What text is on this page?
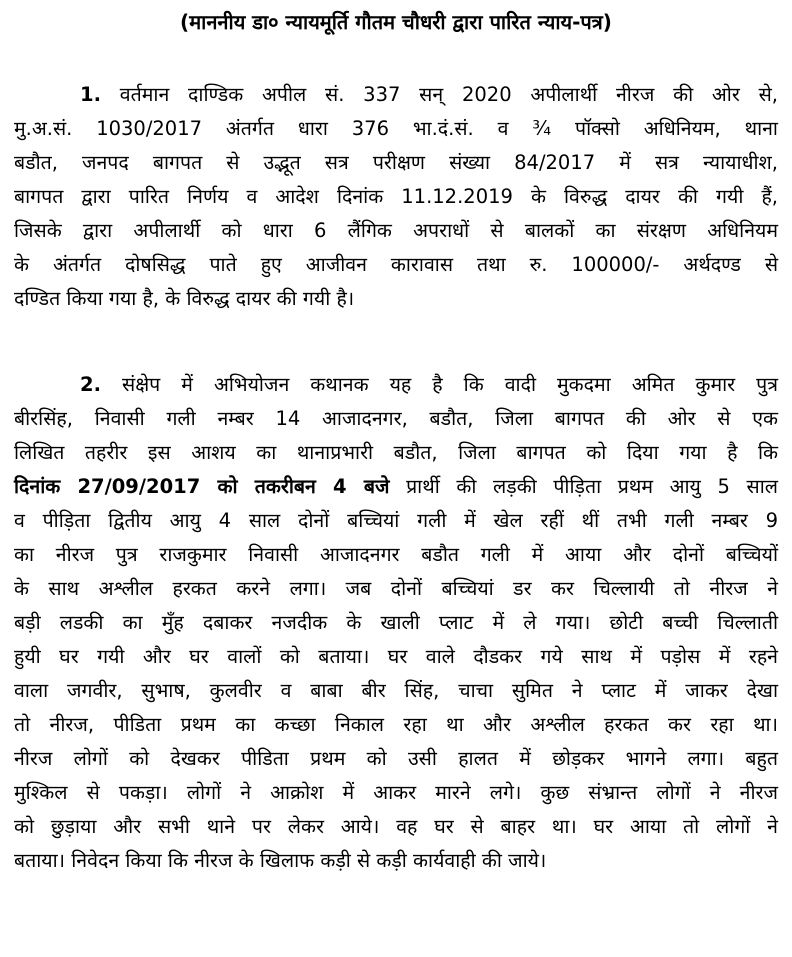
(माननीय डा० न्यायमूर्ति गौतम चौधरी द्वारा पारित न्याय-पत्र)
1. वर्तमान दाण्डिक अपील सं. 337 सन् 2020 अपीलार्थी नीरज की ओर से,
मु.अ.सं. 1030/2017 अंतर्गत धारा 376 भा.दं.सं. व ¾ पॉक्सो अधिनियम, थाना
बडौत, जनपद बागपत से उद्भूत सत्र परीक्षण संख्या 84/2017 में सत्र न्यायाधीश,
बागपत द्वारा पारित निर्णय व आदेश दिनांक 11.12.2019 के विरुद्ध दायर की गयी हैं,
जिसके द्वारा अपीलार्थी को धारा 6 लैंगिक अपराधों से बालकों का संरक्षण अधिनियम
के अंतर्गत दोषसिद्ध पाते हुए आजीवन कारावास तथा रु. 100000/- अर्थदण्ड से
दण्डित किया गया है, के विरुद्ध दायर की गयी है।
2. संक्षेप में अभियोजन कथानक यह है कि वादी मुकदमा अमित कुमार पुत्र
बीरसिंह, निवासी गली नम्बर 14 आजादनगर, बडौत, जिला बागपत की ओर से एक
लिखित तहरीर इस आशय का थानाप्रभारी बडौत, जिला बागपत को दिया गया है कि
दिनांक 27/09/2017 को तकरीबन 4 बजे प्रार्थी की लड़की पीड़िता प्रथम आयु 5 साल
व पीड़िता द्वितीय आयु 4 साल दोनों बच्चियां गली में खेल रहीं थीं तभी गली नम्बर 9
का नीरज पुत्र राजकुमार निवासी आजादनगर बडौत गली में आया और दोनों बच्चियों
के साथ अश्लील हरकत करने लगा। जब दोनों बच्चियां डर कर चिल्लायी तो नीरज ने
बड़ी लडकी का मुँह दबाकर नजदीक के खाली प्लाट में ले गया। छोटी बच्ची चिल्लाती
हुयी घर गयी और घर वालों को बताया। घर वाले दौडकर गये साथ में पड़ोस में रहने
वाला जगवीर, सुभाष, कुलवीर व बाबा बीर सिंह, चाचा सुमित ने प्लाट में जाकर देखा
तो नीरज, पीडिता प्रथम का कच्छा निकाल रहा था और अश्लील हरकत कर रहा था।
नीरज लोगों को देखकर पीडिता प्रथम को उसी हालत में छोड़कर भागने लगा। बहुत
मुश्किल से पकड़ा। लोगों ने आक्रोश में आकर मारने लगे। कुछ संभ्रान्त लोगों ने नीरज
को छुड़ाया और सभी थाने पर लेकर आये। वह घर से बाहर था। घर आया तो लोगों ने
बताया। निवेदन किया कि नीरज के खिलाफ कड़ी से कड़ी कार्यवाही की जाये।
